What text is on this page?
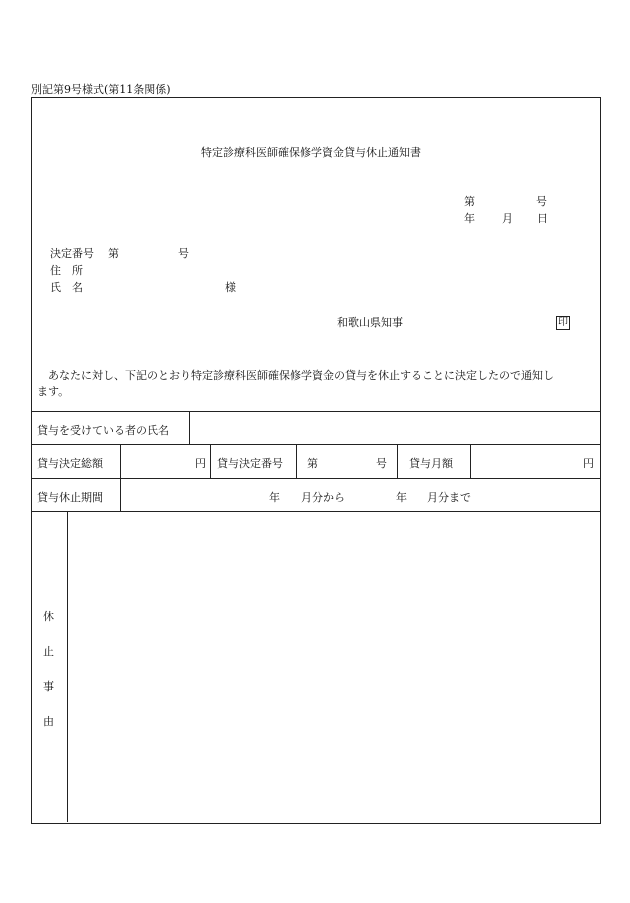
別記第9号様式(第11条関係)
特定診療科医師確保修学資金貸与休止通知書
第	号
年 月 日
決定番号 第	号
住　所
氏　名	様
和歌山県知事	印
　あなたに対し、下記のとおり特定診療科医師確保修学資金の貸与を休止することに決定したので通知し
ます。
貸与を受けている者の氏名
貸与決定総額	円 貸与決定番号 第	号 貸与月額	円
貸与休止期間	年 月分から	年 月分まで
休
止
事
由
